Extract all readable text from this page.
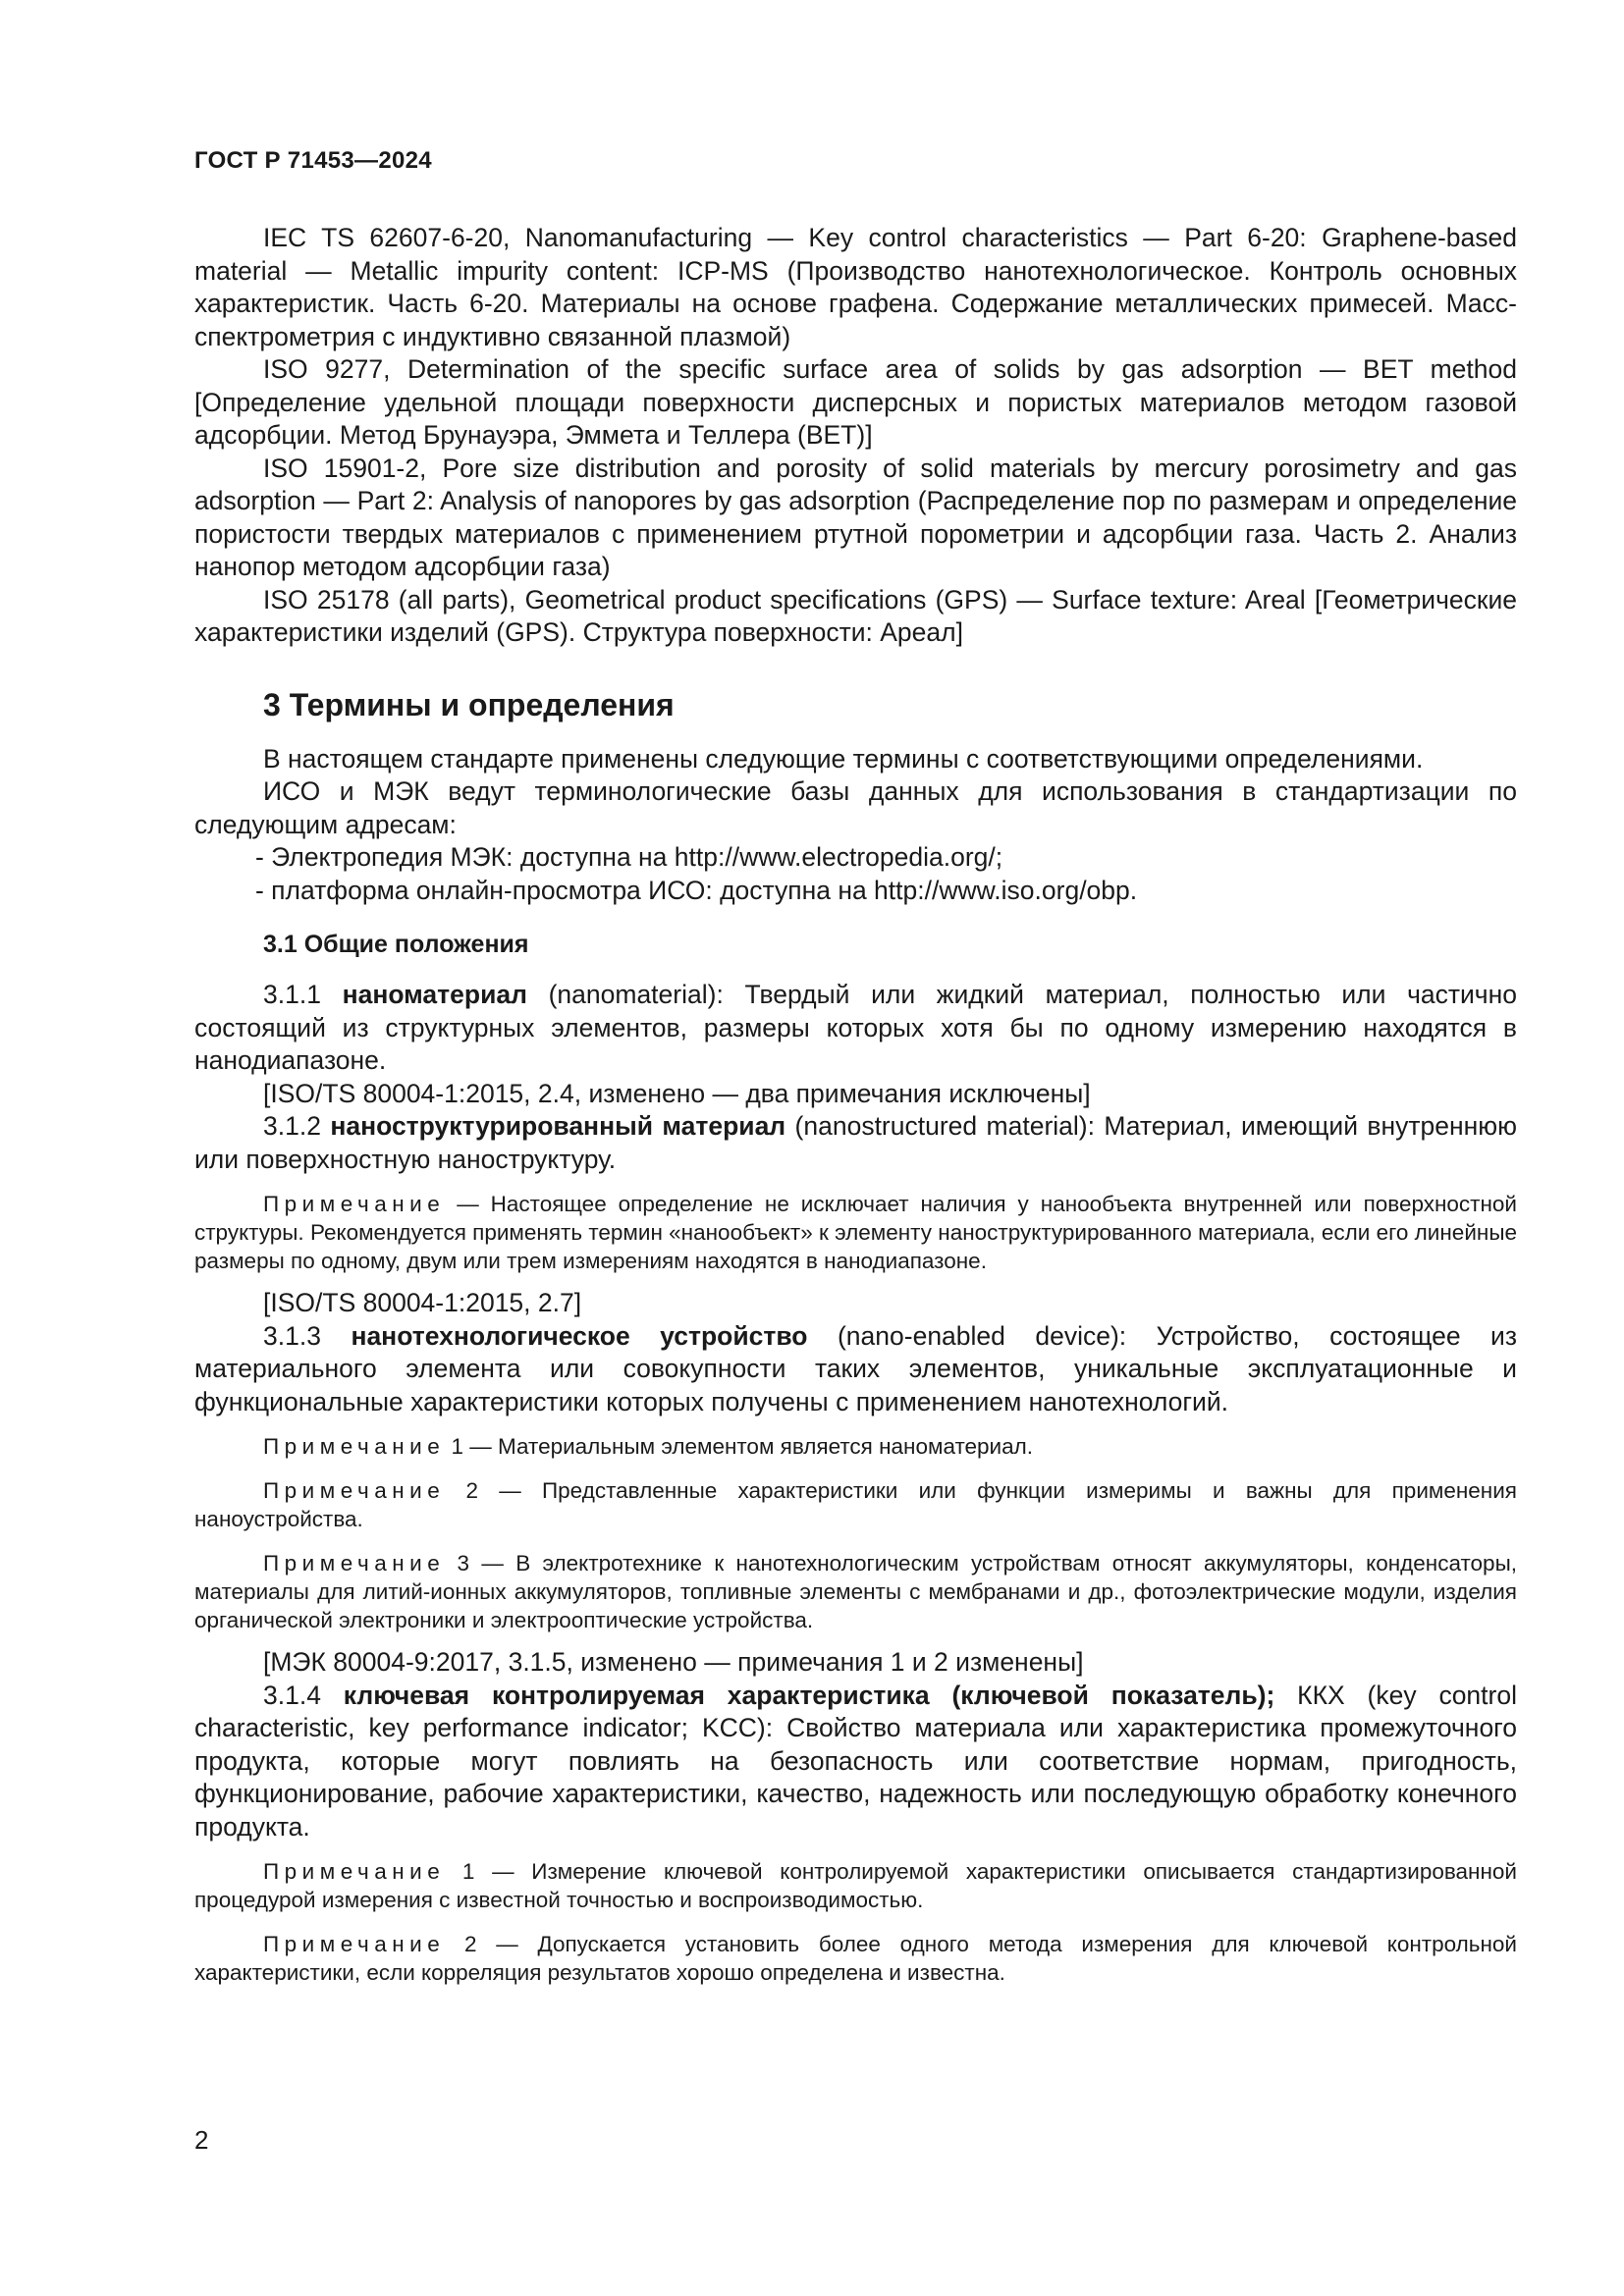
ГОСТ Р 71453—2024

IEC TS 62607-6-20, Nanomanufacturing — Key control characteristics — Part 6-20: Graphene-based material — Metallic impurity content: ICP-MS (Производство нанотехнологическое. Контроль основных характеристик. Часть 6-20. Материалы на основе графена. Содержание металлических примесей. Масс-спектрометрия с индуктивно связанной плазмой)

ISO 9277, Determination of the specific surface area of solids by gas adsorption — BET method [Определение удельной площади поверхности дисперсных и пористых материалов методом газовой адсорбции. Метод Брунауэра, Эммета и Теллера (ВЕТ)]

ISO 15901-2, Pore size distribution and porosity of solid materials by mercury porosimetry and gas adsorption — Part 2: Analysis of nanopores by gas adsorption (Распределение пор по размерам и определение пористости твердых материалов с применением ртутной порометрии и адсорбции газа. Часть 2. Анализ нанопор методом адсорбции газа)

ISO 25178 (all parts), Geometrical product specifications (GPS) — Surface texture: Areal [Геометрические характеристики изделий (GPS). Структура поверхности: Ареал]

3 Термины и определения

В настоящем стандарте применены следующие термины с соответствующими определениями.

ИСО и МЭК ведут терминологические базы данных для использования в стандартизации по следующим адресам:

- Электропедия МЭК: доступна на http://www.electropedia.org/;

- платформа онлайн-просмотра ИСО: доступна на http://www.iso.org/obp.

3.1 Общие положения

3.1.1 наноматериал (nanomaterial): Твердый или жидкий материал, полностью или частично состоящий из структурных элементов, размеры которых хотя бы по одному измерению находятся в нанодиапазоне.

[ISO/TS 80004-1:2015, 2.4, изменено — два примечания исключены]

3.1.2 наноструктурированный материал (nanostructured material): Материал, имеющий внутреннюю или поверхностную наноструктуру.

Примечание — Настоящее определение не исключает наличия у нанообъекта внутренней или поверхностной структуры. Рекомендуется применять термин «нанообъект» к элементу наноструктурированного материала, если его линейные размеры по одному, двум или трем измерениям находятся в нанодиапазоне.

[ISO/TS 80004-1:2015, 2.7]

3.1.3 нанотехнологическое устройство (nano-enabled device): Устройство, состоящее из материального элемента или совокупности таких элементов, уникальные эксплуатационные и функциональные характеристики которых получены с применением нанотехнологий.

Примечание 1 — Материальным элементом является наноматериал.

Примечание 2 — Представленные характеристики или функции измеримы и важны для применения наноустройства.

Примечание 3 — В электротехнике к нанотехнологическим устройствам относят аккумуляторы, конденсаторы, материалы для литий-ионных аккумуляторов, топливные элементы с мембранами и др., фотоэлектрические модули, изделия органической электроники и электрооптические устройства.

[МЭК 80004-9:2017, 3.1.5, изменено — примечания 1 и 2 изменены]

3.1.4 ключевая контролируемая характеристика (ключевой показатель); ККХ (key control characteristic, key performance indicator; KCC): Свойство материала или характеристика промежуточного продукта, которые могут повлиять на безопасность или соответствие нормам, пригодность, функционирование, рабочие характеристики, качество, надежность или последующую обработку конечного продукта.

Примечание 1 — Измерение ключевой контролируемой характеристики описывается стандартизированной процедурой измерения с известной точностью и воспроизводимостью.

Примечание 2 — Допускается установить более одного метода измерения для ключевой контрольной характеристики, если корреляция результатов хорошо определена и известна.

2
